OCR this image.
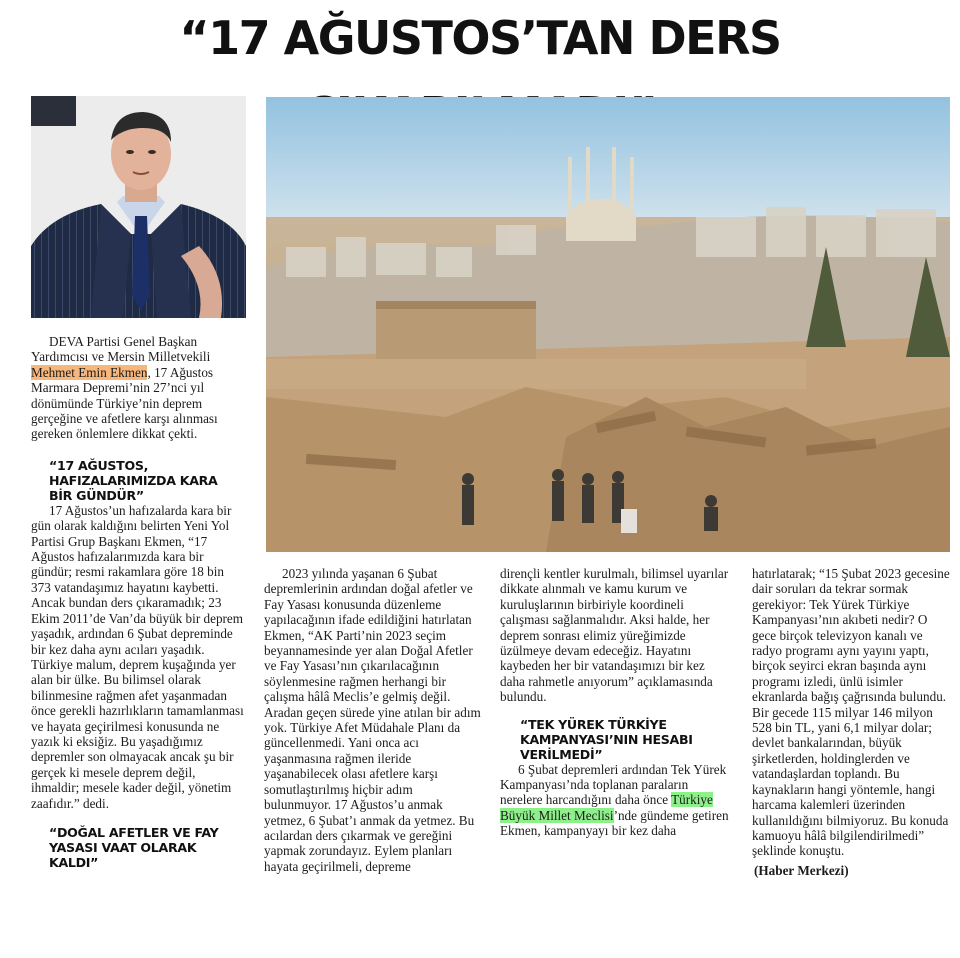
“17 AĞUSTOS’TAN DERS

DEVA Partisi Genel Başkan Yardımcısı ve Mersin Milletvekili Mehmet Emin Ekmen, 17 Ağustos Marmara Depremi’nin 27’nci yıl dönümünde Türkiye’nin deprem gerçeğine ve afetlere karşı alınması gereken önlemlere dikkat çekti.

“17 AĞUSTOS, HAFIZALARIMIZDA KARA BİR GÜNDÜR”

17 Ağustos’un hafızalarda kara bir gün olarak kaldığını belirten Yeni Yol Partisi Grup Başkanı Ekmen, “17 Ağustos hafızalarımızda kara bir gündür; resmi rakamlara göre 18 bin 373 vatandaşımız hayatını kaybetti. Ancak bundan ders çıkaramadık; 23 Ekim 2011’de Van’da büyük bir deprem yaşadık, ardından 6 Şubat depreminde bir kez daha aynı acıları yaşadık. Türkiye malum, deprem kuşağında yer alan bir ülke. Bu bilimsel olarak bilinmesine rağmen afet yaşanmadan önce gerekli hazırlıkların tamamlanması ve hayata geçirilmesi konusunda ne yazık ki eksiğiz. Bu yaşadığımız depremler son olmayacak ancak şu bir gerçek ki mesele deprem değil, ihmaldir; mesele kader değil, yönetim zaafıdır.” dedi.

“DOĞAL AFETLER VE FAY YASASI VAAT OLARAK KALDI”

2023 yılında yaşanan 6 Şubat depremlerinin ardından doğal afetler ve Fay Yasası konusunda düzenleme yapılacağının ifade edildiğini hatırlatan Ekmen, “AK Parti’nin 2023 seçim beyannamesinde yer alan Doğal Afetler ve Fay Yasası’nın çıkarılacağının söylenmesine rağmen herhangi bir çalışma hâlâ Meclis’e gelmiş değil. Aradan geçen sürede yine atılan bir adım yok. Türkiye Afet Müdahale Planı da güncellenmedi. Yani onca acı yaşanmasına rağmen ileride yaşanabilecek olası afetlere karşı somutlaştırılmış hiçbir adım bulunmuyor. 17 Ağustos’u anmak yetmez, 6 Şubat’ı anmak da yetmez. Bu acılardan ders çıkarmak ve gereğini yapmak zorundayız. Eylem planları hayata geçirilmeli, depreme

dirençli kentler kurulmalı, bilimsel uyarılar dikkate alınmalı ve kamu kurum ve kuruluşlarının birbiriyle koordineli çalışması sağlanmalıdır. Aksi halde, her deprem sonrası elimiz yüreğimizde üzülmeye devam edeceğiz. Hayatını kaybeden her bir vatandaşımızı bir kez daha rahmetle anıyorum” açıklamasında bulundu.

“TEK YÜREK TÜRKİYE KAMPANYASI’NIN HESABI VERİLMEDİ”

6 Şubat depremleri ardından Tek Yürek Kampanyası’nda toplanan paraların nerelere harcandığını daha önce Türkiye Büyük Millet Meclisi’nde gündeme getiren Ekmen, kampanyayı bir kez daha

hatırlatarak; “15 Şubat 2023 gecesine dair soruları da tekrar sormak gerekiyor: Tek Yürek Türkiye Kampanyası’nın akıbeti nedir? O gece birçok televizyon kanalı ve radyo programı aynı yayını yaptı, birçok seyirci ekran başında aynı programı izledi, ünlü isimler ekranlarda bağış çağrısında bulundu. Bir gecede 115 milyar 146 milyon 528 bin TL, yani 6,1 milyar dolar; devlet bankalarından, büyük şirketlerden, holdinglerden ve vatandaşlardan toplandı. Bu kaynakların hangi yöntemle, hangi harcama kalemleri üzerinden kullanıldığını bilmiyoruz. Bu konuda kamuoyu hâlâ bilgilendirilmedi” şeklinde konuştu.

(Haber Merkezi)
